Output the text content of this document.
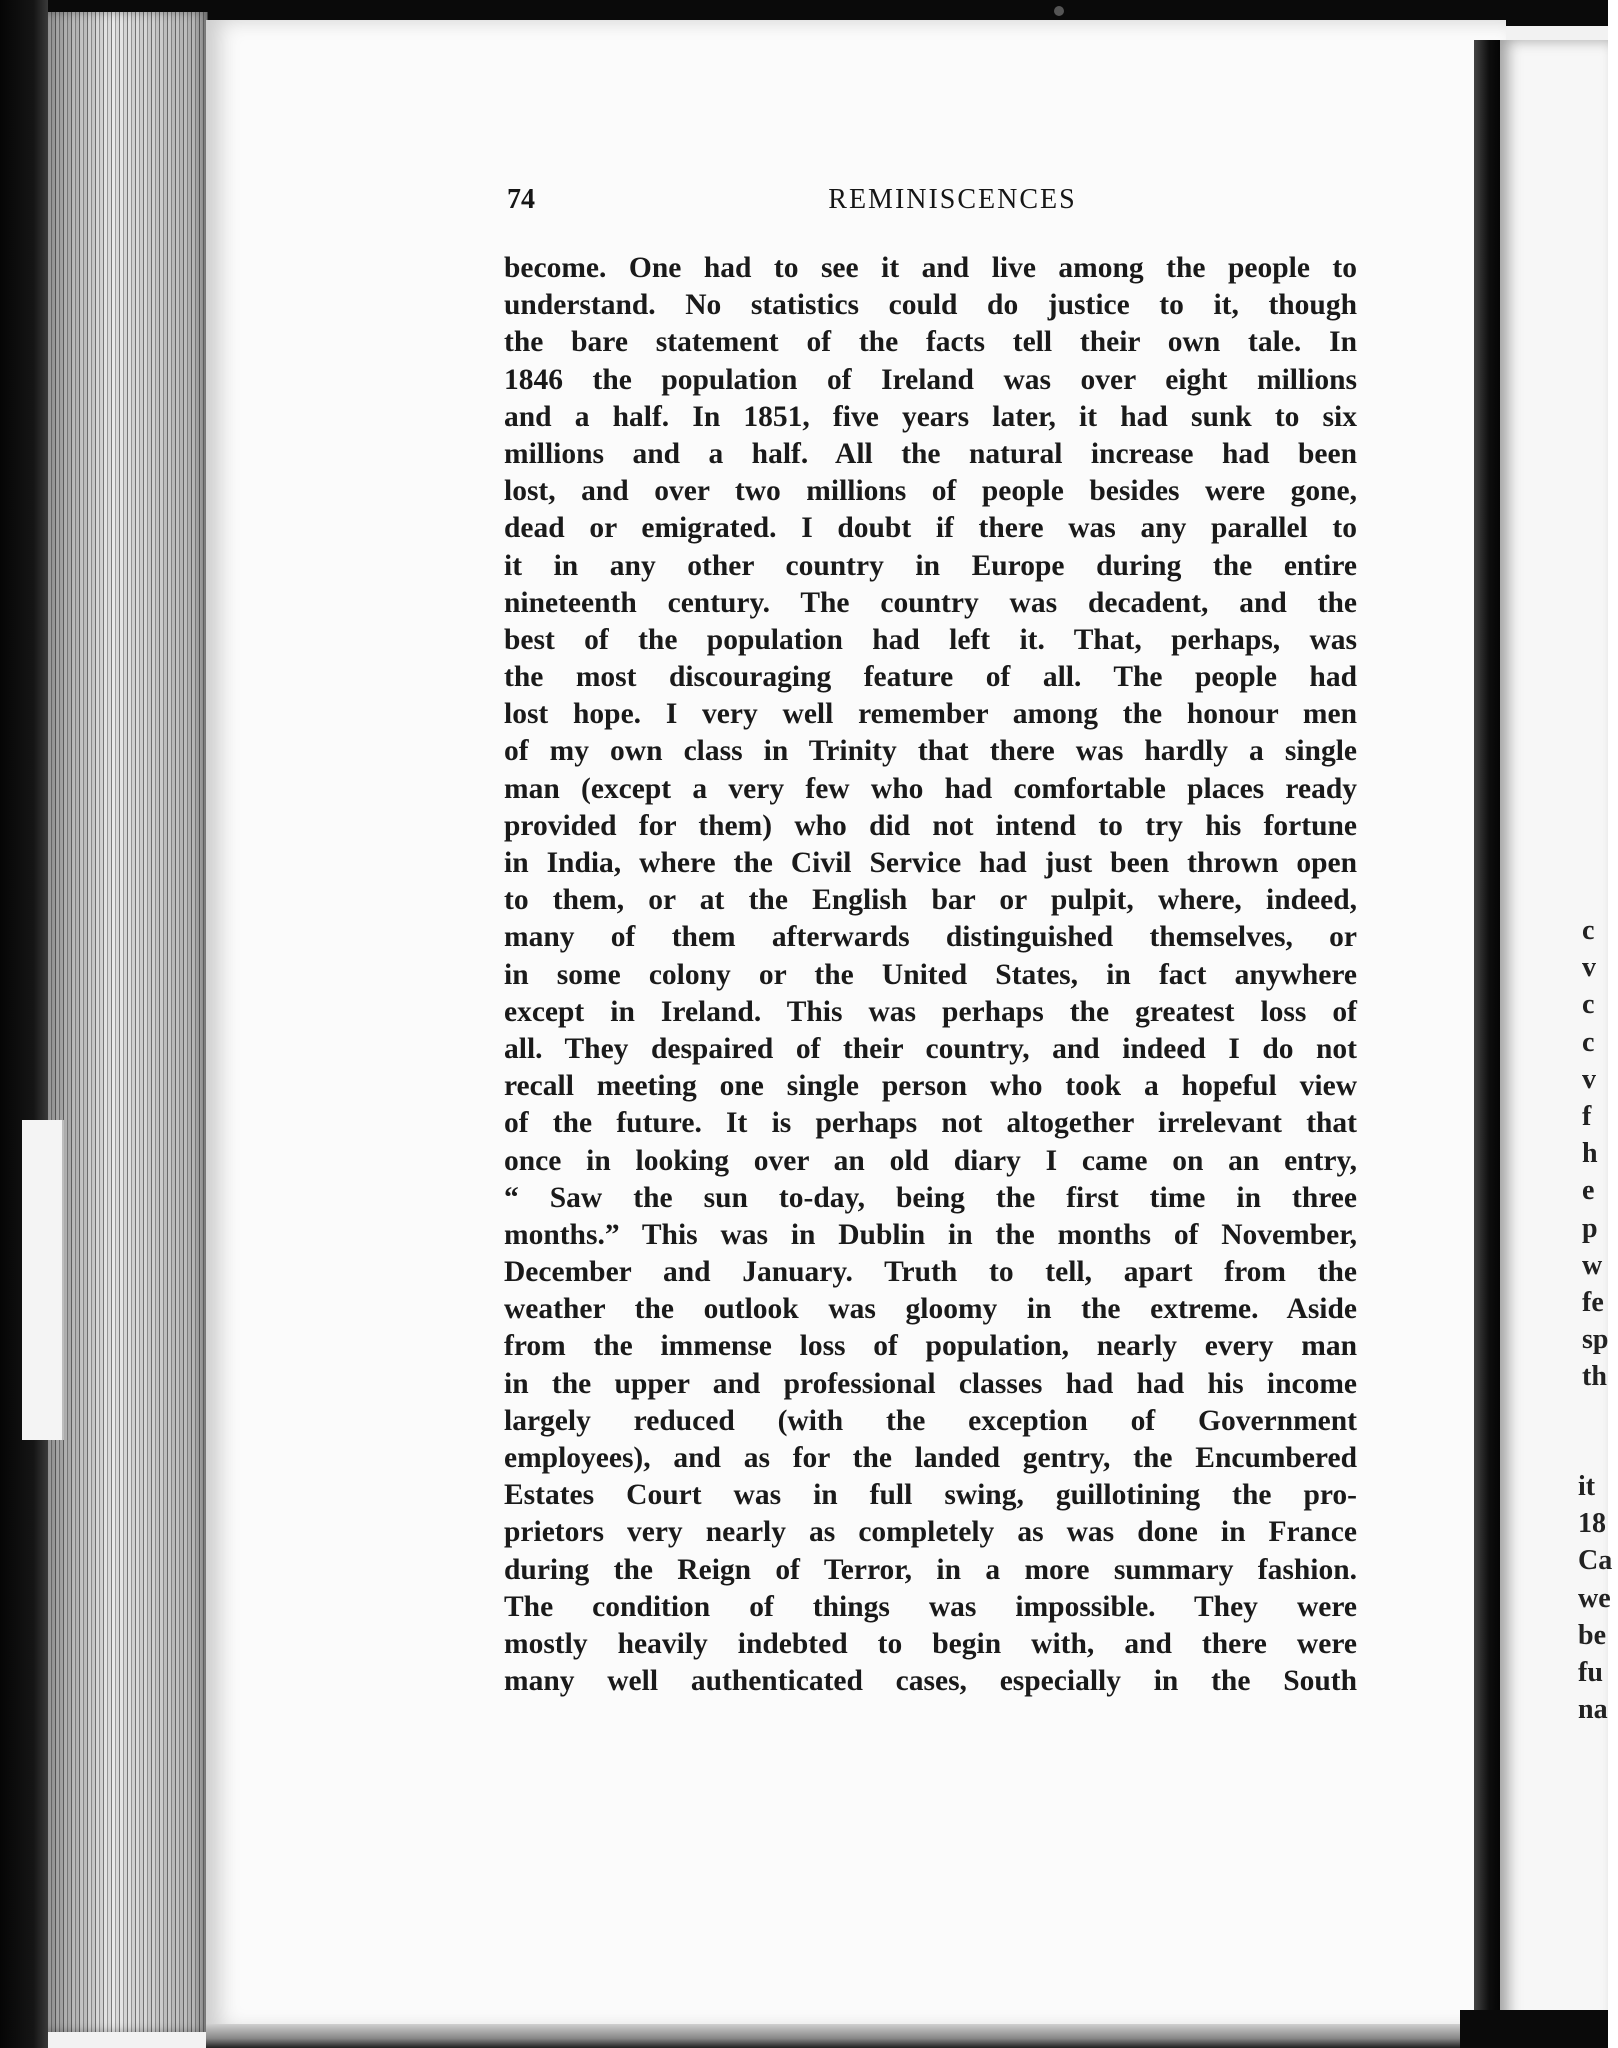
74	REMINISCENCES
become. One had to see it and live among the people to
understand. No statistics could do justice to it, though
the bare statement of the facts tell their own tale. In
1846 the population of Ireland was over eight millions
and a half. In 1851, five years later, it had sunk to six
millions and a half. All the natural increase had been
lost, and over two millions of people besides were gone,
dead or emigrated. I doubt if there was any parallel to
it in any other country in Europe during the entire
nineteenth century. The country was decadent, and the
best of the population had left it. That, perhaps, was
the most discouraging feature of all. The people had
lost hope. I very well remember among the honour men
of my own class in Trinity that there was hardly a single
man (except a very few who had comfortable places ready
provided for them) who did not intend to try his fortune
in India, where the Civil Service had just been thrown open
to them, or at the English bar or pulpit, where, indeed,
many of them afterwards distinguished themselves, or
in some colony or the United States, in fact anywhere
except in Ireland. This was perhaps the greatest loss of
all. They despaired of their country, and indeed I do not
recall meeting one single person who took a hopeful view
of the future. It is perhaps not altogether irrelevant that
once in looking over an old diary I came on an entry,
“ Saw the sun to-day, being the first time in three
months.” This was in Dublin in the months of November,
December and January. Truth to tell, apart from the
weather the outlook was gloomy in the extreme. Aside
from the immense loss of population, nearly every man
in the upper and professional classes had had his income
largely reduced (with the exception of Government
employees), and as for the landed gentry, the Encumbered
Estates Court was in full swing, guillotining the pro-
prietors very nearly as completely as was done in France
during the Reign of Terror, in a more summary fashion.
The condition of things was impossible. They were
mostly heavily indebted to begin with, and there were
many well authenticated cases, especially in the South
c
v
c
c
v
f
h
e
p
w
fe
sp
th
it
18
Ca
we
be
fu
na
